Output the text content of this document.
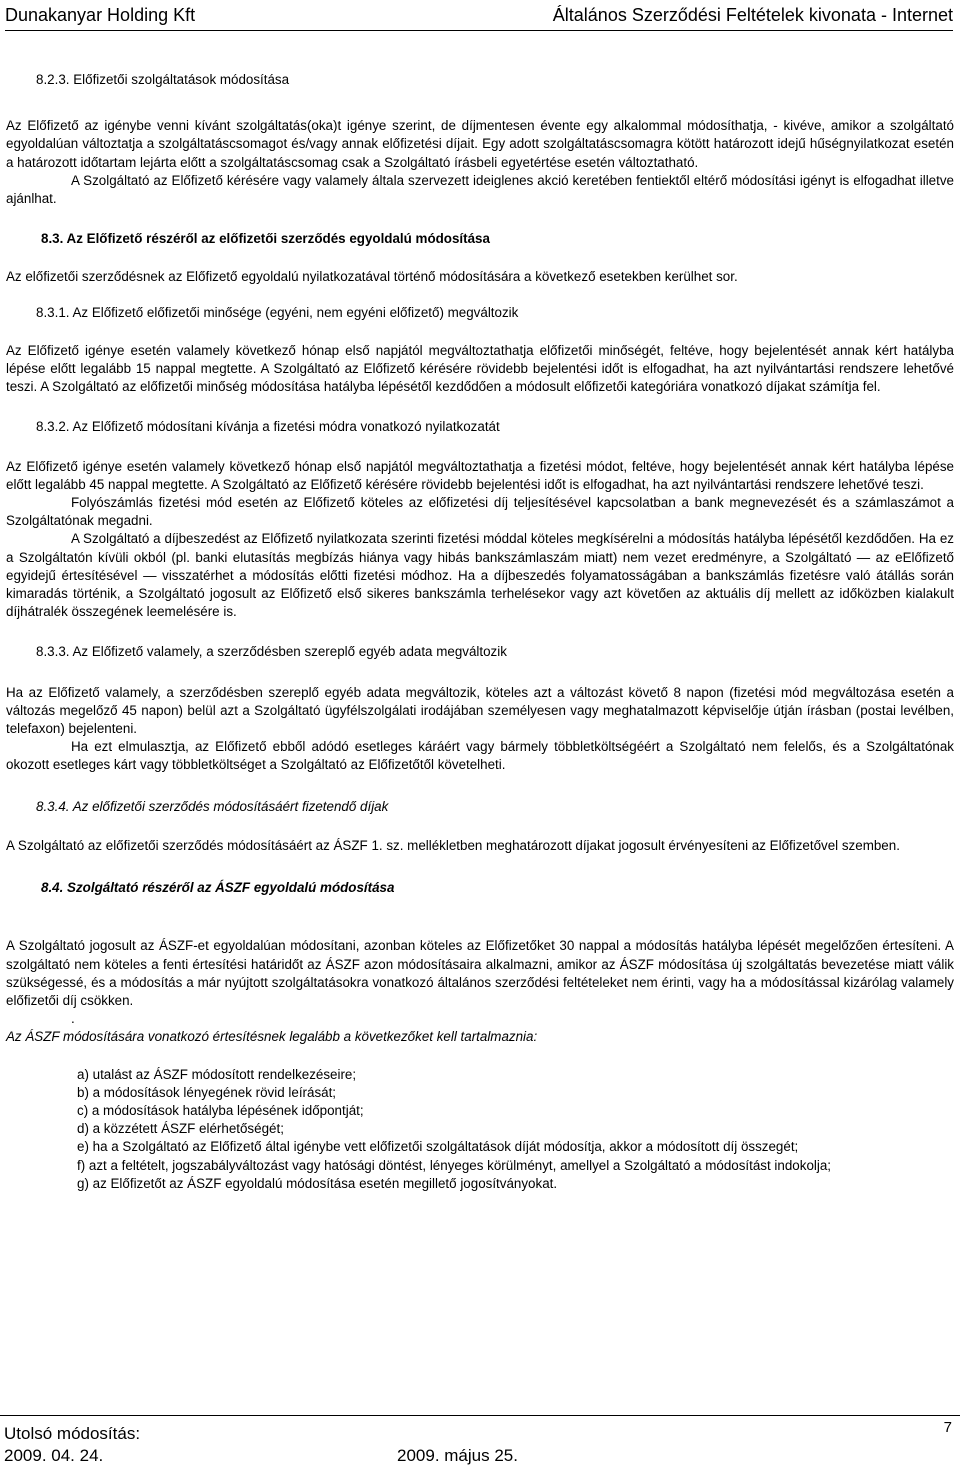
Dunakanyar Holding Kft	Általános Szerződési Feltételek kivonata - Internet

8.2.3. Előfizetői szolgáltatások módosítása

Az Előfizető az igénybe venni kívánt szolgáltatás(oka)t igénye szerint, de díjmentesen évente egy alkalommal módosíthatja, - kivéve, amikor a szolgáltató egyoldalúan változtatja a szolgáltatáscsomagot és/vagy annak előfizetési díjait. Egy adott szolgáltatáscsomagra kötött határozott idejű hűségnyilatkozat esetén a határozott időtartam lejárta előtt a szolgáltatáscsomag csak a Szolgáltató írásbeli egyetértése esetén változtatható.

A Szolgáltató az Előfizető kérésére vagy valamely általa szervezett ideiglenes akció keretében fentiektől eltérő módosítási igényt is elfogadhat illetve ajánlhat.

8.3. Az Előfizető részéről az előfizetői szerződés egyoldalú módosítása

Az előfizetői szerződésnek az Előfizető egyoldalú nyilatkozatával történő módosítására a következő esetekben kerülhet sor.

8.3.1. Az Előfizető előfizetői minősége (egyéni, nem egyéni előfizető) megváltozik

Az Előfizető igénye esetén valamely következő hónap első napjától megváltoztathatja előfizetői minőségét, feltéve, hogy bejelentését annak kért hatályba lépése előtt legalább 15 nappal megtette. A Szolgáltató az Előfizető kérésére rövidebb bejelentési időt is elfogadhat, ha azt nyilvántartási rendszere lehetővé teszi. A Szolgáltató az előfizetői minőség módosítása hatályba lépésétől kezdődően a módosult előfizetői kategóriára vonatkozó díjakat számítja fel.

8.3.2. Az Előfizető módosítani kívánja a fizetési módra vonatkozó nyilatkozatát

Az Előfizető igénye esetén valamely következő hónap első napjától megváltoztathatja a fizetési módot, feltéve, hogy bejelentését annak kért hatályba lépése előtt legalább 45 nappal megtette. A Szolgáltató az Előfizető kérésére rövidebb bejelentési időt is elfogadhat, ha azt nyilvántartási rendszere lehetővé teszi.

Folyószámlás fizetési mód esetén az Előfizető köteles az előfizetési díj teljesítésével kapcsolatban a bank megnevezését és a számlaszámot a Szolgáltatónak megadni.

A Szolgáltató a díjbeszedést az Előfizető nyilatkozata szerinti fizetési móddal köteles megkísérelni a módosítás hatályba lépésétől kezdődően. Ha ez a Szolgáltatón kívüli okból (pl. banki elutasítás megbízás hiánya vagy hibás bankszámlaszám miatt) nem vezet eredményre, a Szolgáltató — az eElőfizető egyidejű értesítésével — visszatérhet a módosítás előtti fizetési módhoz. Ha a díjbeszedés folyamatosságában a bankszámlás fizetésre való átállás során kimaradás történik, a Szolgáltató jogosult az Előfizető első sikeres bankszámla terhelésekor vagy azt követően az aktuális díj mellett az időközben kialakult díjhátralék összegének leemelésére is.

8.3.3. Az Előfizető valamely, a szerződésben szereplő egyéb adata megváltozik

Ha az Előfizető valamely, a szerződésben szereplő egyéb adata megváltozik, köteles azt a változást követő 8 napon (fizetési mód megváltozása esetén a változás megelőző 45 napon) belül azt a Szolgáltató ügyfélszolgálati irodájában személyesen vagy meghatalmazott képviselője útján írásban (postai levélben, telefaxon) bejelenteni.

Ha ezt elmulasztja, az Előfizető ebből adódó esetleges káráért vagy bármely többletköltségéért a Szolgáltató nem felelős, és a Szolgáltatónak okozott esetleges kárt vagy többletköltséget a Szolgáltató az Előfizetőtől követelheti.

8.3.4. Az előfizetői szerződés módosításáért fizetendő díjak

A Szolgáltató az előfizetői szerződés módosításáért az ÁSZF 1. sz. mellékletben meghatározott díjakat jogosult érvényesíteni az Előfizetővel szemben.

8.4. Szolgáltató részéről az ÁSZF egyoldalú módosítása

A Szolgáltató jogosult az ÁSZF-et egyoldalúan módosítani, azonban köteles az Előfizetőket 30 nappal a módosítás hatályba lépését megelőzően értesíteni. A szolgáltató nem köteles a fenti értesítési határidőt az ÁSZF azon módosításaira alkalmazni, amikor az ÁSZF módosítása új szolgáltatás bevezetése miatt válik szükségessé, és a módosítás a már nyújtott szolgáltatásokra vonatkozó általános szerződési feltételeket nem érinti, vagy ha a módosítással kizárólag valamely előfizetői díj csökken.

.

Az ÁSZF módosítására vonatkozó értesítésnek legalább a következőket kell tartalmaznia:

a) utalást az ÁSZF módosított rendelkezéseire;

b) a módosítások lényegének rövid leírását;

c) a módosítások hatályba lépésének időpontját;

d) a közzétett ÁSZF elérhetőségét;

e) ha a Szolgáltató az Előfizető által igénybe vett előfizetői szolgáltatások díját módosítja, akkor a módosított díj összegét;

f) azt a feltételt, jogszabályváltozást vagy hatósági döntést, lényeges körülményt, amellyel a Szolgáltató a módosítást indokolja;

g) az Előfizetőt az ÁSZF egyoldalú módosítása esetén megillető jogosítványokat.

7
Utolsó módosítás:
2009. 04. 24.	2009. május 25.
